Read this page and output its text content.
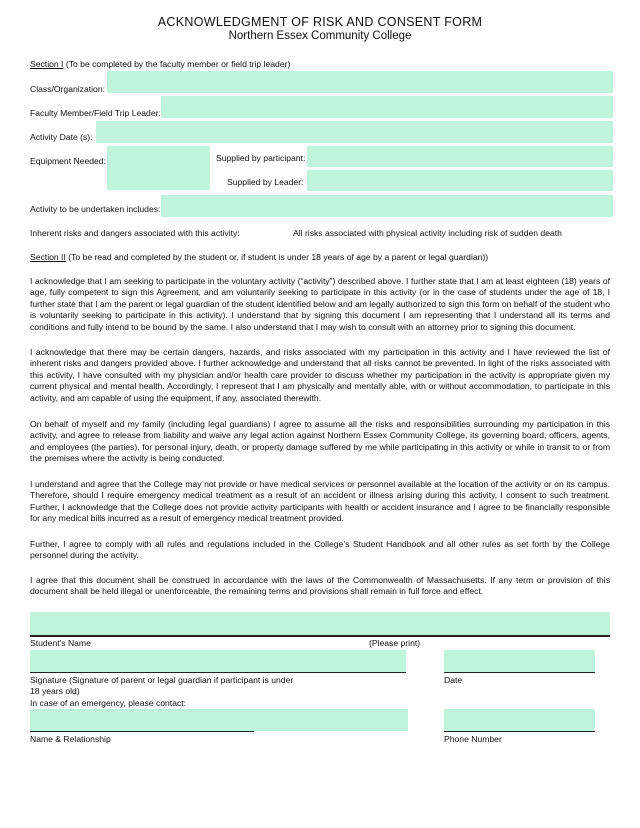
ACKNOWLEDGMENT OF RISK AND CONSENT FORM
Northern Essex Community College
Section I (To be completed by the faculty member or field trip leader)
Class/Organization:
Faculty Member/Field Trip Leader:
Activity Date (s):
Equipment Needed:	Supplied by participant:
Supplied by Leader:
Activity to be undertaken includes:
Inherent risks and dangers associated with this activity:	All risks associated with physical activity including risk of sudden death
Section II (To be read and completed by the student or, if student is under 18 years of age by a parent or legal guardian))
I acknowledge that I am seeking to participate in the voluntary activity (“activity”) described above. I further state that I am at least eighteen (18) years of age, fully competent to sign this Agreement, and am voluntarily seeking to participate in this activity (or in the case of students under the age of 18, I further state that I am the parent or legal guardian of the student identified below and am legally authorized to sign this form on behalf of the student who is voluntarily seeking to participate in this activity). I understand that by signing this document I am representing that I understand all its terms and conditions and fully intend to be bound by the same. I also understand that I may wish to consult with an attorney prior to signing this document.
I acknowledge that there may be certain dangers, hazards, and risks associated with my participation in this activity and I have reviewed the list of inherent risks and dangers provided above. I further acknowledge and understand that all risks cannot be prevented. In light of the risks associated with this activity, I have consulted with my physician and/or health care provider to discuss whether my participation in the activity is appropriate given my current physical and mental health. Accordingly, I represent that I am physically and mentally able, with or without accommodation, to participate in this activity, and am capable of using the equipment, if any, associated therewith.
On behalf of myself and my family (including legal guardians) I agree to assume all the risks and responsibilities surrounding my participation in this activity, and agree to release from liability and waive any legal action against Northern Essex Community College, its governing board, officers, agents, and employees (the parties), for personal injury, death, or property damage suffered by me while participating in this activity or while in transit to or from the premises where the activity is being conducted.
I understand and agree that the College may not provide or have medical services or personnel available at the location of the activity or on its campus. Therefore, should I require emergency medical treatment as a result of an accident or illness arising during this activity, I consent to such treatment. Further, I acknowledge that the College does not provide activity participants with health or accident insurance and I agree to be financially responsible for any medical bills incurred as a result of emergency medical treatment provided.
Further, I agree to comply with all rules and regulations included in the College’s Student Handbook and all other rules as set forth by the College personnel during the activity.
I agree that this document shall be construed in accordance with the laws of the Commonwealth of Massachusetts. If any term or provision of this document shall be held illegal or unenforceable, the remaining terms and provisions shall remain in full force and effect.
Student's Name	(Please print)
Signature (Signature of parent or legal guardian if participant is under
18 years old)
Date
In case of an emergency, please contact:
Name & Relationship	Phone Number
